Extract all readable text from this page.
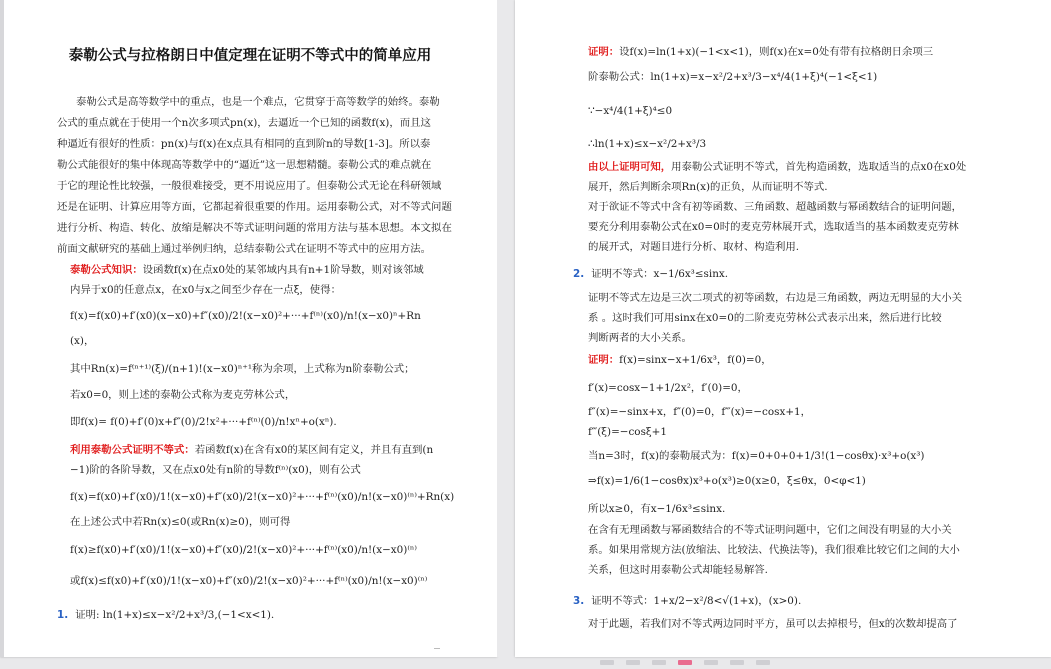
泰勒公式与拉格朗日中值定理在证明不等式中的简单应用
泰勒公式是高等数学中的重点，也是一个难点，它贯穿于高等数学的始终。泰勒
公式的重点就在于使用一个n次多项式pn(x)，去逼近一个已知的函数f(x)，而且这
种逼近有很好的性质：pn(x)与f(x)在x点具有相同的直到阶n的导数[1-3]。所以泰
勒公式能很好的集中体现高等数学中的“逼近”这一思想精髓。泰勒公式的难点就在
于它的理论性比较强，一般很难接受，更不用说应用了。但泰勒公式无论在科研领域
还是在证明、计算应用等方面，它都起着很重要的作用。运用泰勒公式，对不等式问题
进行分析、构造、转化、放缩是解决不等式证明问题的常用方法与基本思想。本文拟在
前面文献研究的基础上通过举例归纳，总结泰勒公式在证明不等式中的应用方法。
泰勒公式知识：设函数f(x)在点x0处的某邻域内具有n+1阶导数，则对该邻域
内异于x0的任意点x，在x0与x之间至少存在一点ξ，使得：
f(x)=f(x0)+f′(x0)(x−x0)+f″(x0)/2!(x−x0)²+···+f⁽ⁿ⁾(x0)/n!(x−x0)ⁿ+Rn
(x)，
其中Rn(x)=f⁽ⁿ⁺¹⁾(ξ)/(n+1)!(x−x0)ⁿ⁺¹称为余项，上式称为n阶泰勒公式；
若x0=0，则上述的泰勒公式称为麦克劳林公式，
即f(x)= f(0)+f′(0)x+f″(0)/2!x²+···+f⁽ⁿ⁾(0)/n!xⁿ+o(xⁿ).
利用泰勒公式证明不等式：若函数f(x)在含有x0的某区间有定义，并且有直到(n
−1)阶的各阶导数，又在点x0处有n阶的导数f⁽ⁿ⁾(x0)，则有公式
f(x)=f(x0)+f′(x0)/1!(x−x0)+f″(x0)/2!(x−x0)²+···+f⁽ⁿ⁾(x0)/n!(x−x0)⁽ⁿ⁾+Rn(x)
在上述公式中若Rn(x)≤0(或Rn(x)≥0)，则可得
f(x)≥f(x0)+f′(x0)/1!(x−x0)+f″(x0)/2!(x−x0)²+···+f⁽ⁿ⁾(x0)/n!(x−x0)⁽ⁿ⁾
或f(x)≤f(x0)+f′(x0)/1!(x−x0)+f″(x0)/2!(x−x0)²+···+f⁽ⁿ⁾(x0)/n!(x−x0)⁽ⁿ⁾
1. 证明: ln(1+x)≤x−x²/2+x³/3,(−1<x<1).
证明：设f(x)=ln(1+x)(−1<x<1)，则f(x)在x=0处有带有拉格朗日余项三
阶泰勒公式：ln(1+x)=x−x²/2+x³/3−x⁴/4(1+ξ)⁴(−1<ξ<1)
∵−x⁴/4(1+ξ)⁴≤0
∴ln(1+x)≤x−x²/2+x³/3
由以上证明可知，用泰勒公式证明不等式，首先构造函数，选取适当的点x0在x0处
展开，然后判断余项Rn(x)的正负，从而证明不等式.
对于欲证不等式中含有初等函数、三角函数、超越函数与幂函数结合的证明问题，
要充分利用泰勒公式在x0=0时的麦克劳林展开式，选取适当的基本函数麦克劳林
的展开式，对题目进行分析、取材、构造利用.
2. 证明不等式：x−1/6x³≤sinx.
证明不等式左边是三次二项式的初等函数，右边是三角函数，两边无明显的大小关
系 。这时我们可用sinx在x0=0的二阶麦克劳林公式表示出来，然后进行比较
判断两者的大小关系。
证明：f(x)=sinx−x+1/6x³，f(0)=0，
f′(x)=cosx−1+1/2x²，f′(0)=0，
f″(x)=−sinx+x，f″(0)=0，f‴(x)=−cosx+1，
f‴(ξ)=−cosξ+1
当n=3时，f(x)的泰勒展式为：f(x)=0+0+0+1/3!(1−cosθx)·x³+o(x³)
⇒f(x)=1/6(1−cosθx)x³+o(x³)≥0(x≥0，ξ≤θx，0<φ<1)
所以x≥0，有x−1/6x³≤sinx.
在含有无理函数与幂函数结合的不等式证明问题中，它们之间没有明显的大小关
系。如果用常规方法(放缩法、比较法、代换法等)，我们很难比较它们之间的大小
关系，但这时用泰勒公式却能轻易解答.
3. 证明不等式：1+x/2−x²/8<√(1+x)，(x>0).
对于此题，若我们对不等式两边同时平方，虽可以去掉根号，但x的次数却提高了
